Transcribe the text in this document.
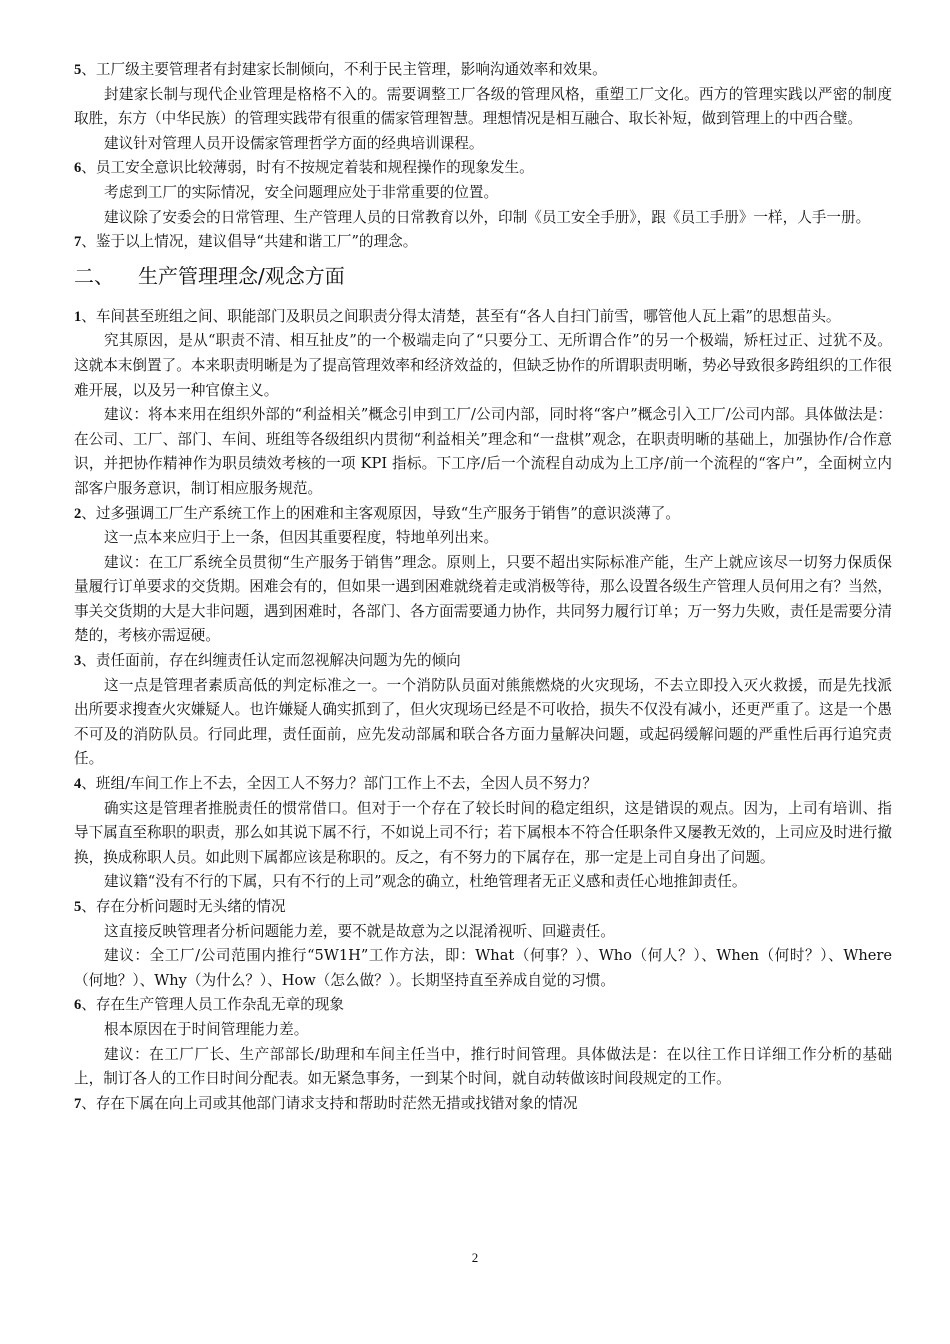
5、工厂级主要管理者有封建家长制倾向，不利于民主管理，影响沟通效率和效果。

封建家长制与现代企业管理是格格不入的。需要调整工厂各级的管理风格，重塑工厂文化。西方的管理实践以严密的制度取胜，东方（中华民族）的管理实践带有很重的儒家管理智慧。理想情况是相互融合、取长补短，做到管理上的中西合璧。

建议针对管理人员开设儒家管理哲学方面的经典培训课程。

6、员工安全意识比较薄弱，时有不按规定着装和规程操作的现象发生。

考虑到工厂的实际情况，安全问题理应处于非常重要的位置。

建议除了安委会的日常管理、生产管理人员的日常教育以外，印制《员工安全手册》，跟《员工手册》一样，人手一册。

7、鉴于以上情况，建议倡导“共建和谐工厂”的理念。

二、	生产管理理念/观念方面

1、车间甚至班组之间、职能部门及职员之间职责分得太清楚，甚至有“各人自扫门前雪，哪管他人瓦上霜”的思想苗头。

究其原因，是从“职责不清、相互扯皮”的一个极端走向了“只要分工、无所谓合作”的另一个极端，矫枉过正、过犹不及。这就本末倒置了。本来职责明晰是为了提高管理效率和经济效益的，但缺乏协作的所谓职责明晰，势必导致很多跨组织的工作很难开展，以及另一种官僚主义。

建议：将本来用在组织外部的“利益相关”概念引申到工厂/公司内部，同时将“客户”概念引入工厂/公司内部。具体做法是：在公司、工厂、部门、车间、班组等各级组织内贯彻“利益相关”理念和“一盘棋”观念，在职责明晰的基础上，加强协作/合作意识，并把协作精神作为职员绩效考核的一项 KPI 指标。下工序/后一个流程自动成为上工序/前一个流程的“客户”，全面树立内部客户服务意识，制订相应服务规范。

2、过多强调工厂生产系统工作上的困难和主客观原因，导致“生产服务于销售”的意识淡薄了。

这一点本来应归于上一条，但因其重要程度，特地单列出来。

建议：在工厂系统全员贯彻“生产服务于销售”理念。原则上，只要不超出实际标准产能，生产上就应该尽一切努力保质保量履行订单要求的交货期。困难会有的，但如果一遇到困难就绕着走或消极等待，那么设置各级生产管理人员何用之有？当然，事关交货期的大是大非问题，遇到困难时，各部门、各方面需要通力协作，共同努力履行订单；万一努力失败，责任是需要分清楚的，考核亦需逗硬。

3、责任面前，存在纠缠责任认定而忽视解决问题为先的倾向

这一点是管理者素质高低的判定标准之一。一个消防队员面对熊熊燃烧的火灾现场，不去立即投入灭火救援，而是先找派出所要求搜查火灾嫌疑人。也许嫌疑人确实抓到了，但火灾现场已经是不可收拾，损失不仅没有减小，还更严重了。这是一个愚不可及的消防队员。行同此理，责任面前，应先发动部属和联合各方面力量解决问题，或起码缓解问题的严重性后再行追究责任。

4、班组/车间工作上不去，全因工人不努力？部门工作上不去，全因人员不努力？

确实这是管理者推脱责任的惯常借口。但对于一个存在了较长时间的稳定组织，这是错误的观点。因为，上司有培训、指导下属直至称职的职责，那么如其说下属不行，不如说上司不行；若下属根本不符合任职条件又屡教无效的，上司应及时进行撤换，换成称职人员。如此则下属都应该是称职的。反之，有不努力的下属存在，那一定是上司自身出了问题。

建议籍“没有不行的下属，只有不行的上司”观念的确立，杜绝管理者无正义感和责任心地推卸责任。

5、存在分析问题时无头绪的情况

这直接反映管理者分析问题能力差，要不就是故意为之以混淆视听、回避责任。

建议：全工厂/公司范围内推行“5W1H”工作方法，即：What（何事？）、Who（何人？）、When（何时？）、Where（何地？）、Why（为什么？）、How（怎么做？）。长期坚持直至养成自觉的习惯。

6、存在生产管理人员工作杂乱无章的现象

根本原因在于时间管理能力差。

建议：在工厂厂长、生产部部长/助理和车间主任当中，推行时间管理。具体做法是：在以往工作日详细工作分析的基础上，制订各人的工作日时间分配表。如无紧急事务，一到某个时间，就自动转做该时间段规定的工作。

7、存在下属在向上司或其他部门请求支持和帮助时茫然无措或找错对象的情况

2
